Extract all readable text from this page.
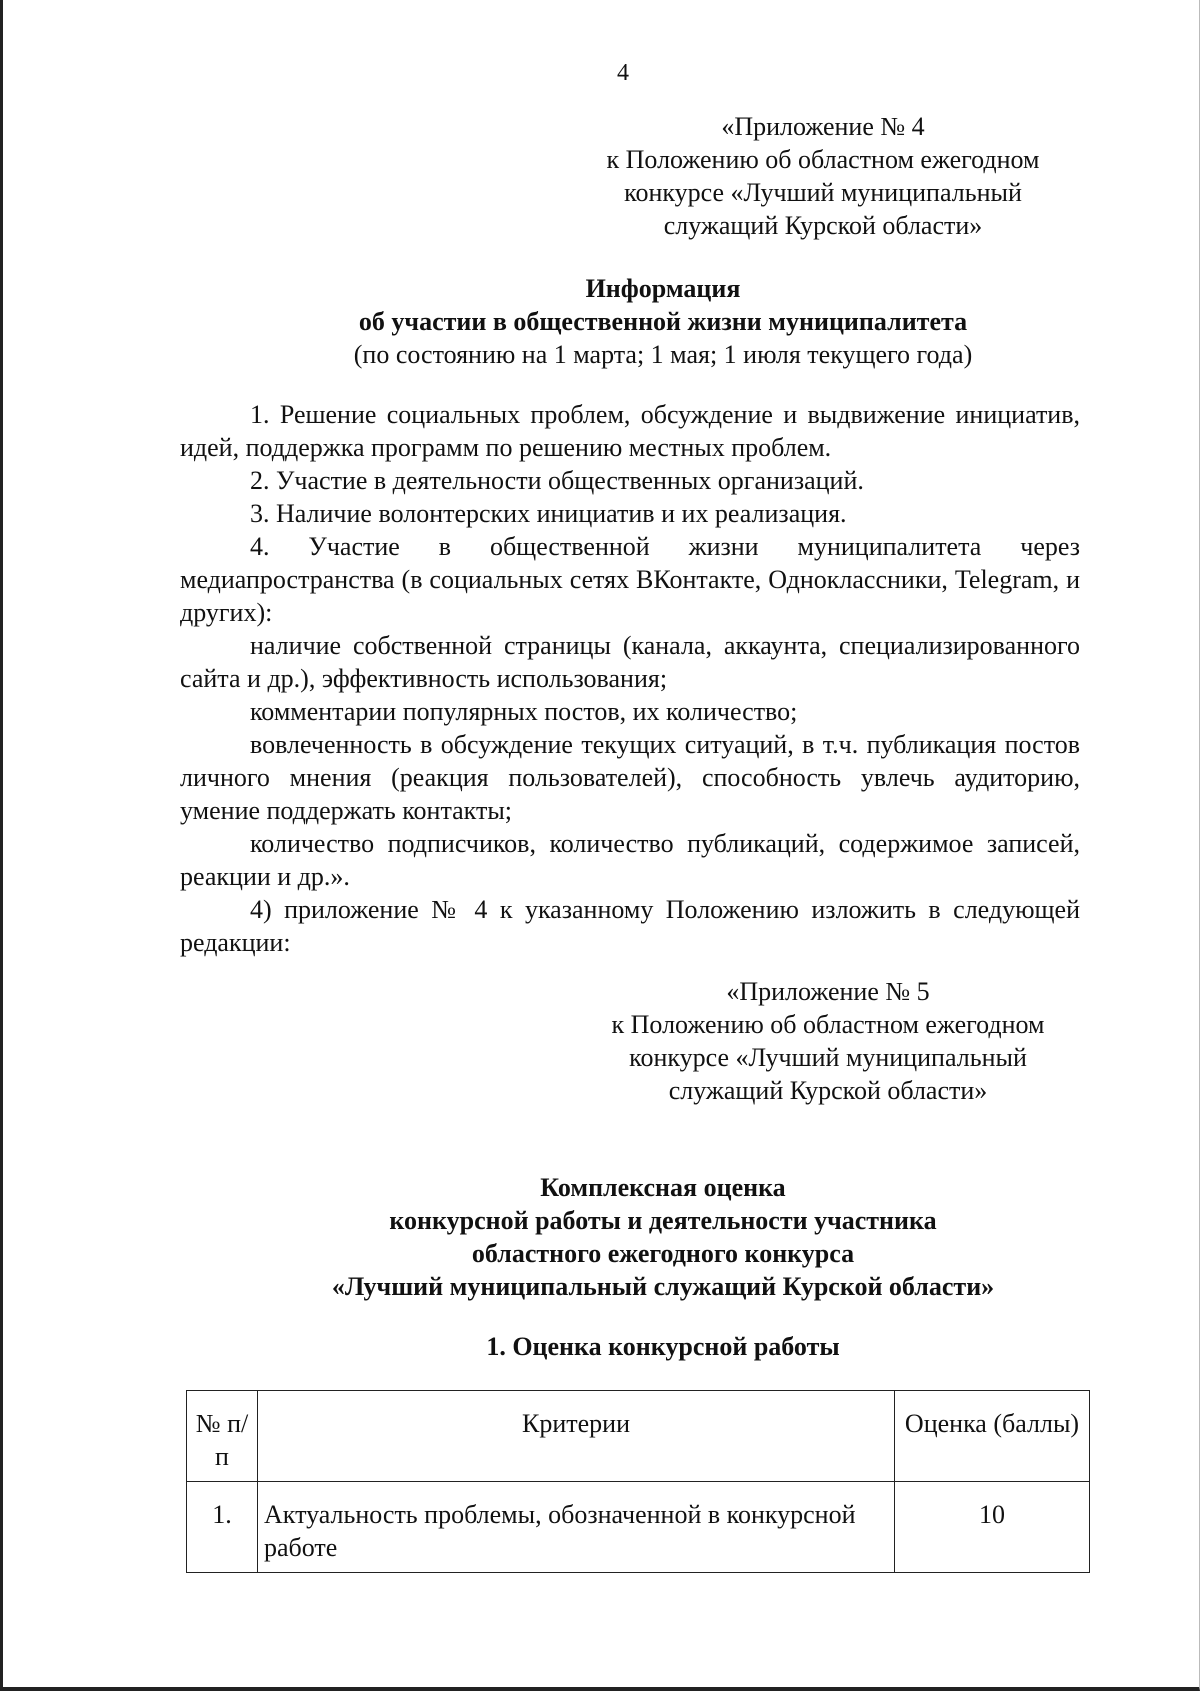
4
«Приложение № 4
к Положению об областном ежегодном
конкурсе «Лучший муниципальный
служащий Курской области»
Информация
об участии в общественной жизни муниципалитета
(по состоянию на 1 марта; 1 мая; 1 июля текущего года)
1. Решение социальных проблем, обсуждение и выдвижение инициатив, идей, поддержка программ по решению местных проблем.
2. Участие в деятельности общественных организаций.
3. Наличие волонтерских инициатив и их реализация.
4. Участие в общественной жизни муниципалитета через медиапространства (в социальных сетях ВКонтакте, Одноклассники, Telegram, и других):
наличие собственной страницы (канала, аккаунта, специализированного сайта и др.), эффективность использования;
комментарии популярных постов, их количество;
вовлеченность в обсуждение текущих ситуаций, в т.ч. публикация постов личного мнения (реакция пользователей), способность увлечь аудиторию, умение поддержать контакты;
количество подписчиков, количество публикаций, содержимое записей, реакции и др.».
4) приложение № 4 к указанному Положению изложить в следующей редакции:
«Приложение № 5
к Положению об областном ежегодном
конкурсе «Лучший муниципальный
служащий Курской области»
Комплексная оценка
конкурсной работы и деятельности участника
областного ежегодного конкурса
«Лучший муниципальный служащий Курской области»
1. Оценка конкурсной работы
№ п/п	Критерии	Оценка (баллы)
1.	Актуальность проблемы, обозначенной в конкурсной работе	10
